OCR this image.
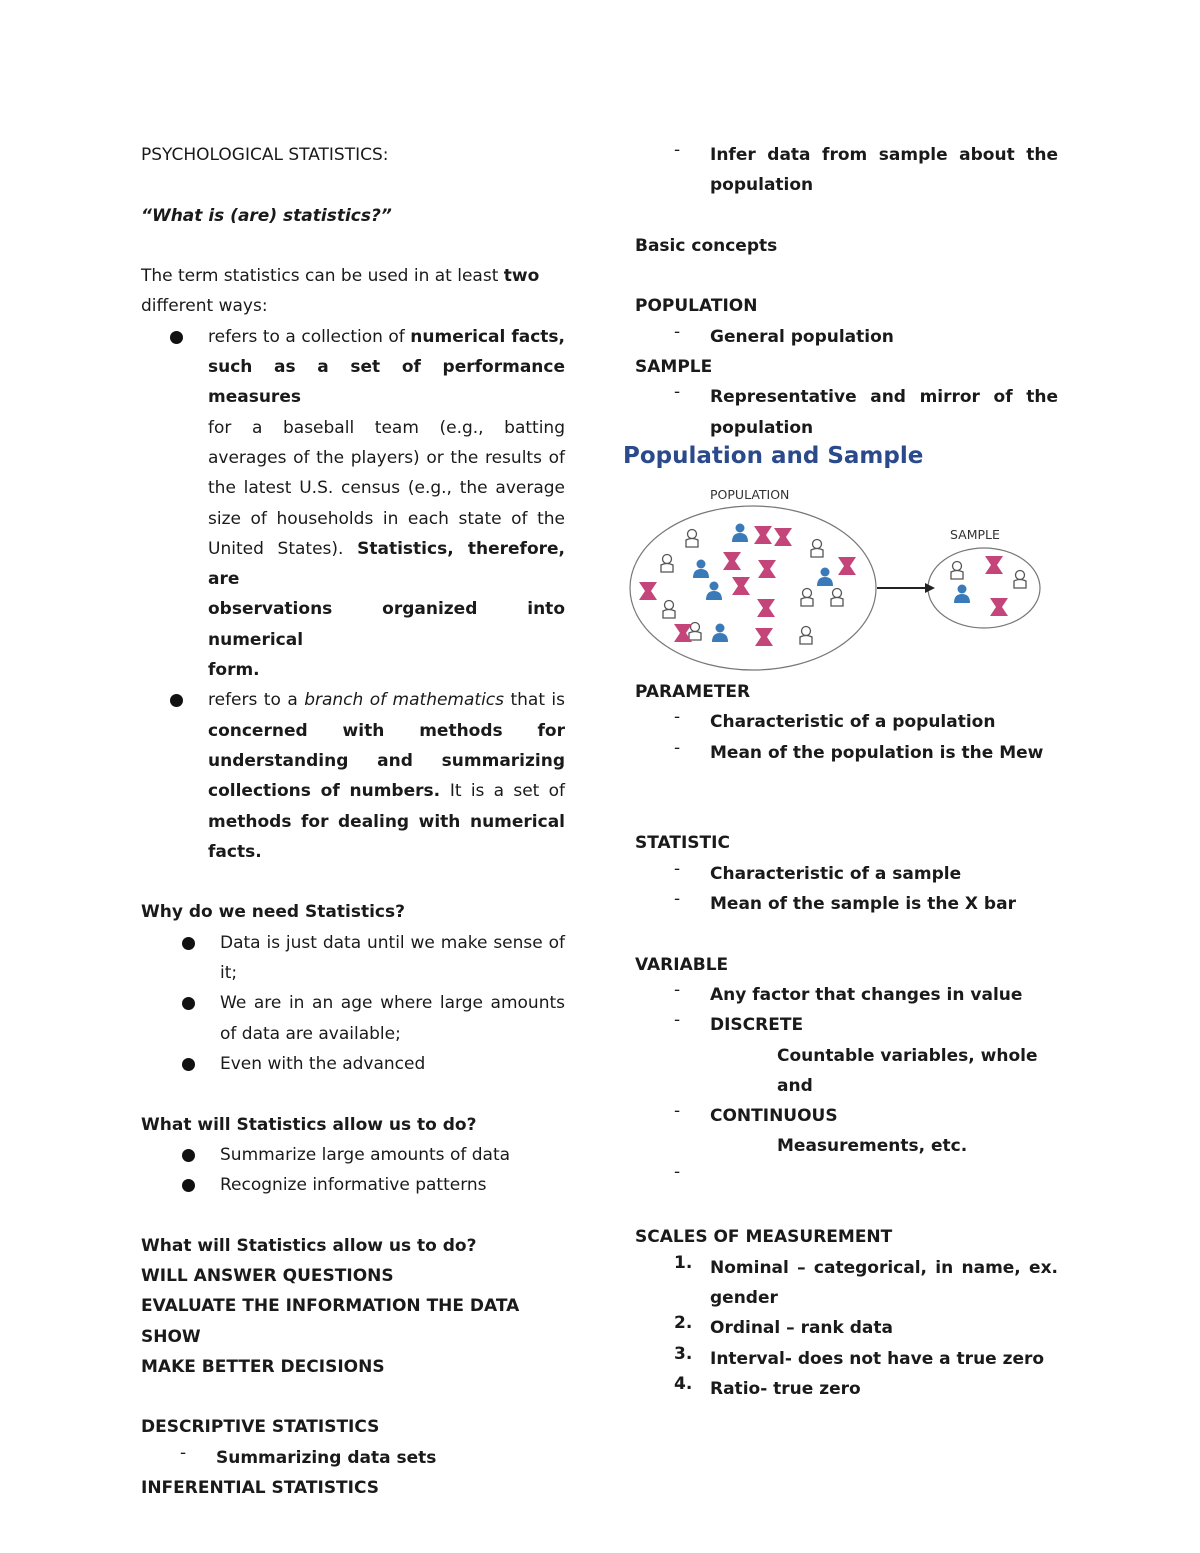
PSYCHOLOGICAL STATISTICS:

“What is (are) statistics?”

The term statistics can be used in at least two

different ways:

refers to a collection of numerical facts,

such as a set of performance measures

for a baseball team (e.g., batting

averages of the players) or the results of

the latest U.S. census (e.g., the average

size of households in each state of the

United States). Statistics, therefore, are

observations organized into numerical

form.

refers to a branch of mathematics that is

concerned with methods for

understanding and summarizing

collections of numbers. It is a set of

methods for dealing with numerical

facts.

Why do we need Statistics?

Data is just data until we make sense of

it;

We are in an age where large amounts

of data are available;

Even with the advanced

What will Statistics allow us to do?

Summarize large amounts of data

Recognize informative patterns

What will Statistics allow us to do?

WILL ANSWER QUESTIONS

EVALUATE THE INFORMATION THE DATA SHOW

MAKE BETTER DECISIONS

DESCRIPTIVE STATISTICS

- Summarizing data sets

INFERENTIAL STATISTICS

- Infer data from sample about the

population

Basic concepts

POPULATION

- General population

SAMPLE

- Representative and mirror of the

population

POPULATION
SAMPLE
Population and Sample

PARAMETER

- Characteristic of a population

- Mean of the population is the Mew

STATISTIC

- Characteristic of a sample

- Mean of the sample is the X bar

VARIABLE

- Any factor that changes in value

- DISCRETE

Countable variables, whole and

- CONTINUOUS

Measurements, etc.

-

SCALES OF MEASUREMENT

1. Nominal – categorical, in name, ex.

gender

2. Ordinal – rank data

3. Interval- does not have a true zero

4. Ratio- true zero
